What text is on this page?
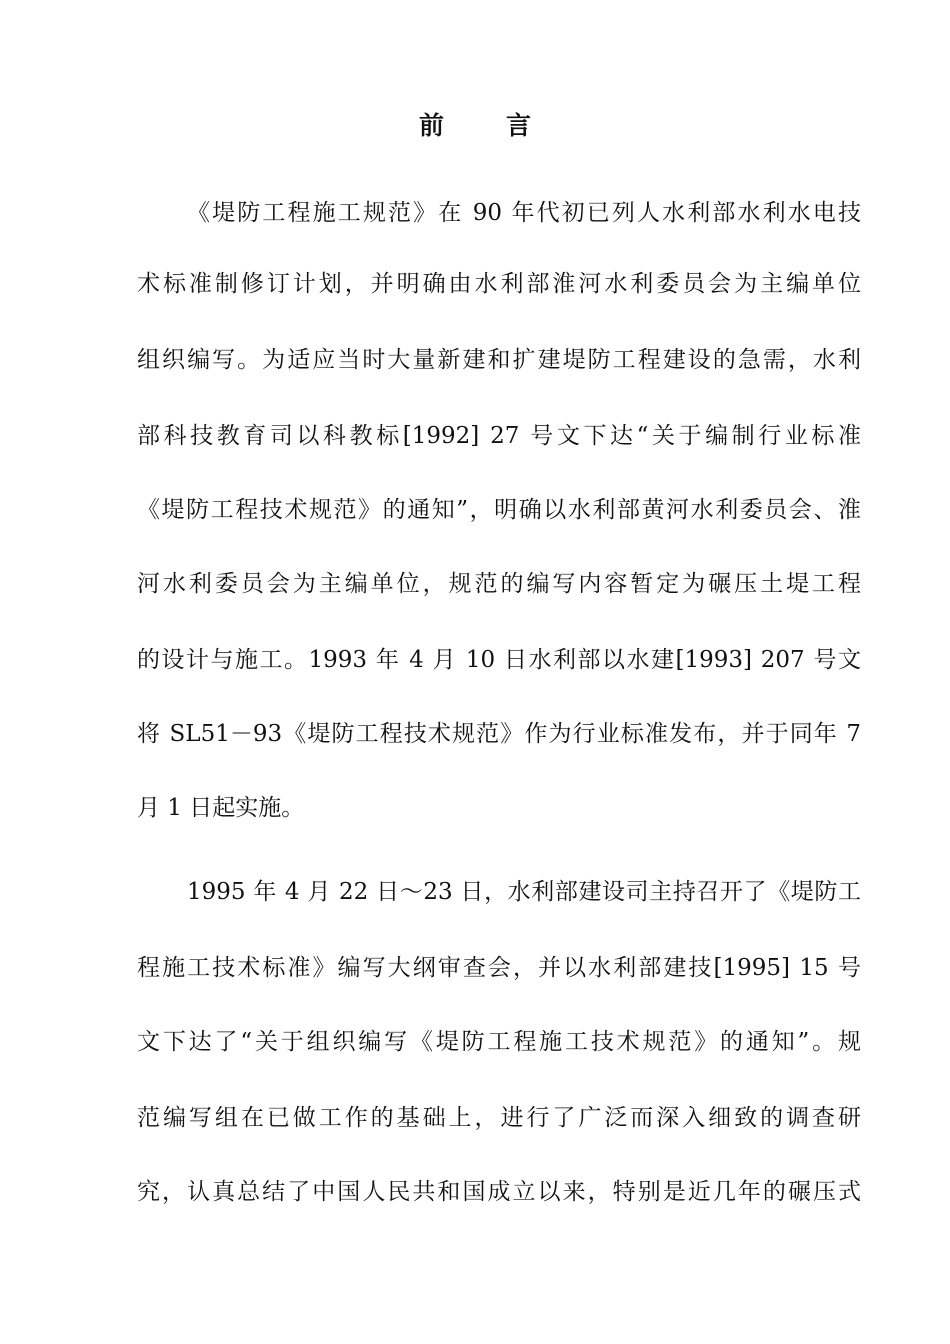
前 言
《堤防工程施工规范》在 90 年代初已列人水利部水利水电技
术标准制修订计划，并明确由水利部淮河水利委员会为主编单位
组织编写。为适应当时大量新建和扩建堤防工程建设的急需，水利
部科技教育司以科教标[1992] 27 号文下达“关于编制行业标准
《堤防工程技术规范》的通知”，明确以水利部黄河水利委员会、淮
河水利委员会为主编单位，规范的编写内容暂定为碾压土堤工程
的设计与施工。1993 年 4 月 10 日水利部以水建[1993] 207 号文
将 SL51－93《堤防工程技术规范》作为行业标准发布，并于同年 7
月 1 日起实施。
1995 年 4 月 22 日～23 日，水利部建设司主持召开了《堤防工
程施工技术标准》编写大纲审查会，并以水利部建技[1995] 15 号
文下达了“关于组织编写《堤防工程施工技术规范》的通知”。规
范编写组在已做工作的基础上，进行了广泛而深入细致的调查研
究，认真总结了中国人民共和国成立以来，特别是近几年的碾压式
